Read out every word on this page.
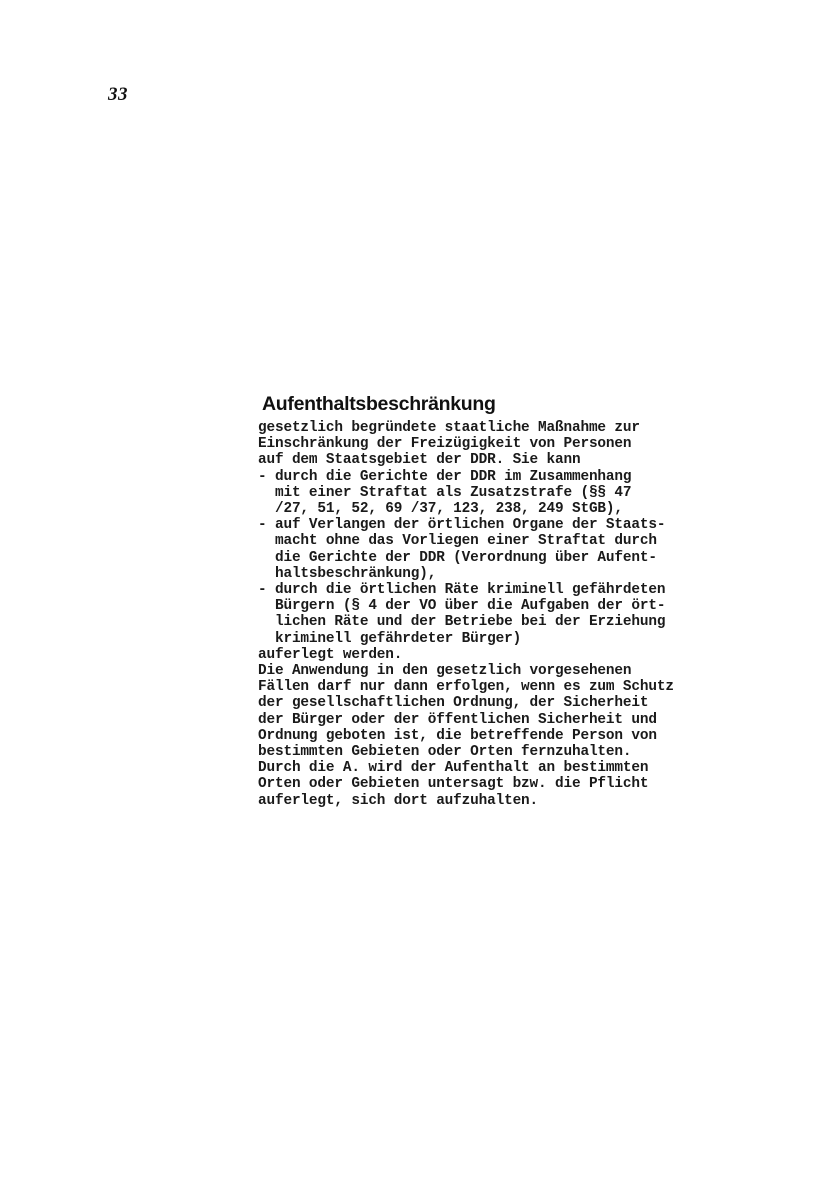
33
Aufenthaltsbeschränkung
gesetzlich begründete staatliche Maßnahme zur
Einschränkung der Freizügigkeit von Personen
auf dem Staatsgebiet der DDR. Sie kann
- durch die Gerichte der DDR im Zusammenhang
mit einer Straftat als Zusatzstrafe (§§ 47
/27, 51, 52, 69 /37, 123, 238, 249 StGB),
- auf Verlangen der örtlichen Organe der Staats-
macht ohne das Vorliegen einer Straftat durch
die Gerichte der DDR (Verordnung über Aufent-
haltsbeschränkung),
- durch die örtlichen Räte kriminell gefährdeten
Bürgern (§ 4 der VO über die Aufgaben der ört-
lichen Räte und der Betriebe bei der Erziehung
kriminell gefährdeter Bürger)
auferlegt werden.
Die Anwendung in den gesetzlich vorgesehenen
Fällen darf nur dann erfolgen, wenn es zum Schutz
der gesellschaftlichen Ordnung, der Sicherheit
der Bürger oder der öffentlichen Sicherheit und
Ordnung geboten ist, die betreffende Person von
bestimmten Gebieten oder Orten fernzuhalten.
Durch die A. wird der Aufenthalt an bestimmten
Orten oder Gebieten untersagt bzw. die Pflicht
auferlegt, sich dort aufzuhalten.
